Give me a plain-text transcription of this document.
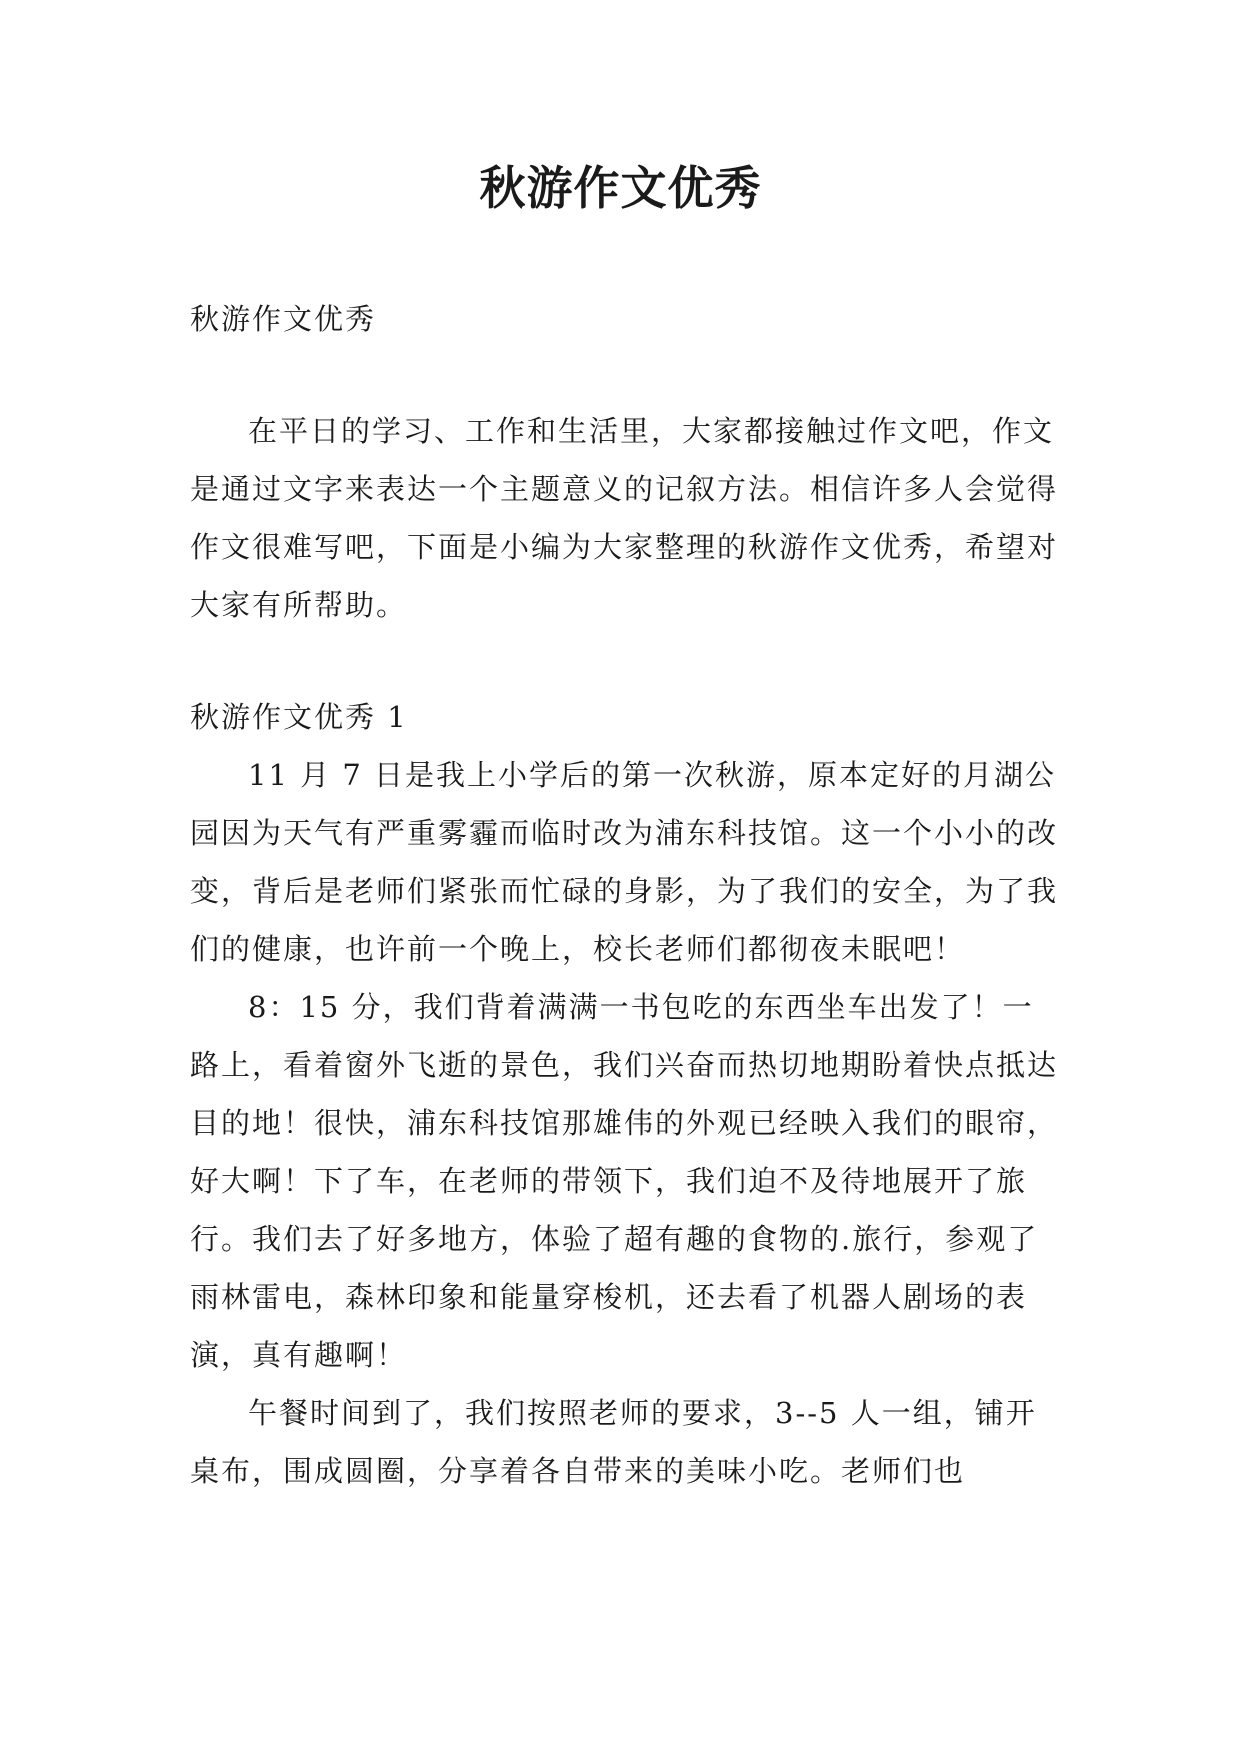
秋游作文优秀

秋游作文优秀

在平日的学习、工作和生活里，大家都接触过作文吧，作文是通过文字来表达一个主题意义的记叙方法。相信许多人会觉得作文很难写吧，下面是小编为大家整理的秋游作文优秀，希望对大家有所帮助。

秋游作文优秀 1

11 月 7 日是我上小学后的第一次秋游，原本定好的月湖公园因为天气有严重雾霾而临时改为浦东科技馆。这一个小小的改变，背后是老师们紧张而忙碌的身影，为了我们的安全，为了我们的健康，也许前一个晚上，校长老师们都彻夜未眠吧！

8：15 分，我们背着满满一书包吃的东西坐车出发了！一路上，看着窗外飞逝的景色，我们兴奋而热切地期盼着快点抵达目的地！很快，浦东科技馆那雄伟的外观已经映入我们的眼帘，好大啊！下了车，在老师的带领下，我们迫不及待地展开了旅行。我们去了好多地方，体验了超有趣的食物的.旅行，参观了雨林雷电，森林印象和能量穿梭机，还去看了机器人剧场的表演，真有趣啊！

午餐时间到了，我们按照老师的要求，3--5 人一组，铺开桌布，围成圆圈，分享着各自带来的美味小吃。老师们也
